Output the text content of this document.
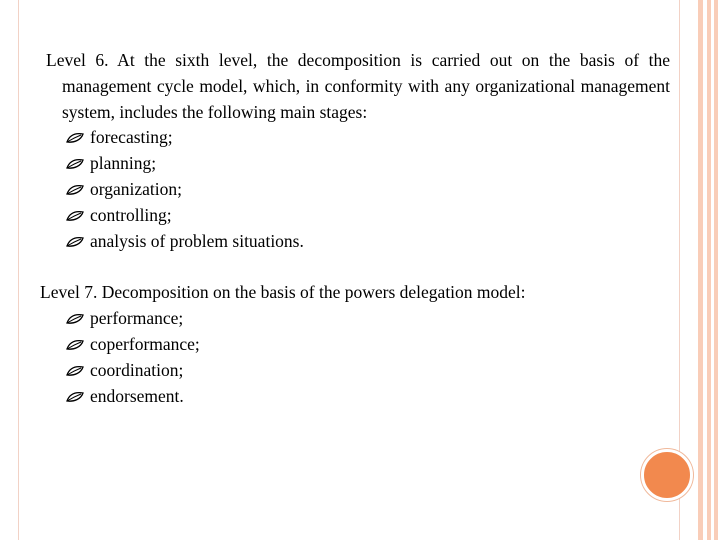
Level 6. At the sixth level, the decomposition is carried out on the basis of the management cycle model, which, in conformity with any organizational management system, includes the following main stages:

forecasting;
planning;
organization;
controlling;
analysis of problem situations.

Level 7. Decomposition on the basis of the powers delegation model:

performance;
coperformance;
coordination;
endorsement.
